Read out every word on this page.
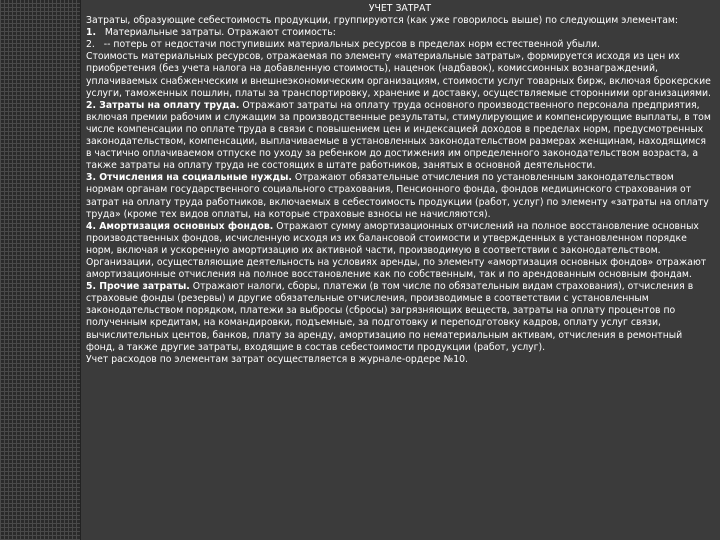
УЧЕТ ЗАТРАТ

Затраты, образующие себестоимость продукции, группируются (как уже говорилось выше) по следующим элементам:

1. Материальные затраты. Отражают стоимость:

2.   ‐‐ потерь от недостачи поступивших материальных ресурсов в пределах норм естественной убыли.

Стоимость материальных ресурсов, отражаемая по элементу «материальные затраты», формируется исходя из цен их приобретения (без учета налога на добавленную стоимость), наценок (надбавок), комиссионных вознаграждений, уплачиваемых снабженческим и внешнеэкономическим организациям, стоимости услуг товарных бирж, включая брокерские услуги, таможенных пошлин, платы за транспортировку, хранение и доставку, осуществляемые сторонними организациями.

2. Затраты на оплату труда. Отражают затраты на оплату труда основного производственного персонала предприятия, включая премии рабочим и служащим за производственные результаты, стимулирующие и компенсирующие выплаты, в том числе компенсации по оплате труда в связи с повышением цен и индексацией доходов в пределах норм, предусмотренных законодательством, компенсации, выплачиваемые в установленных законодательством размерах женщинам, находящимся в частично оплачиваемом отпуске по уходу за ребенком до достижения им определенного законодательством возраста, а также затраты на оплату труда не состоящих в штате работников, занятых в основной деятельности.

3. Отчисления на социальные нужды. Отражают обязательные отчисления по установленным законодательством нормам органам государственного социального страхования, Пенсионного фонда, фондов медицинского страхования от затрат на оплату труда работников, включаемых в себестоимость продукции (работ, услуг) по элементу «затраты на оплату труда» (кроме тех видов оплаты, на которые страховые взносы не начисляются).

4. Амортизация основных фондов. Отражают сумму амортизационных отчислений на полное восстановление основных производственных фондов, исчисленную исходя из их балансовой стоимости и утвержденных в установленном порядке норм, включая и ускоренную амортизацию их активной части, производимую в соответствии с законодательством.

Организации, осуществляющие деятельность на условиях аренды, по элементу «амортизация основных фондов» отражают амортизационные отчисления на полное восстановление как по собственным, так и по арендованным основным фондам.

5. Прочие затраты. Отражают налоги, сборы, платежи (в том числе по обязательным видам страхования), отчисления в страховые фонды (резервы) и другие обязательные отчисления, производимые в соответствии с установленным законодательством порядком, платежи за выбросы (сбросы) загрязняющих веществ, затраты на оплату процентов по полученным кредитам, на командировки, подъемные, за подготовку и переподготовку кадров, оплату услуг связи, вычислительных центов, банков, плату за аренду, амортизацию по нематериальным активам, отчисления в ремонтный фонд, а также другие затраты, входящие в состав себестоимости продукции (работ, услуг).

Учет расходов по элементам затрат осуществляется в журнале-ордере №10.
